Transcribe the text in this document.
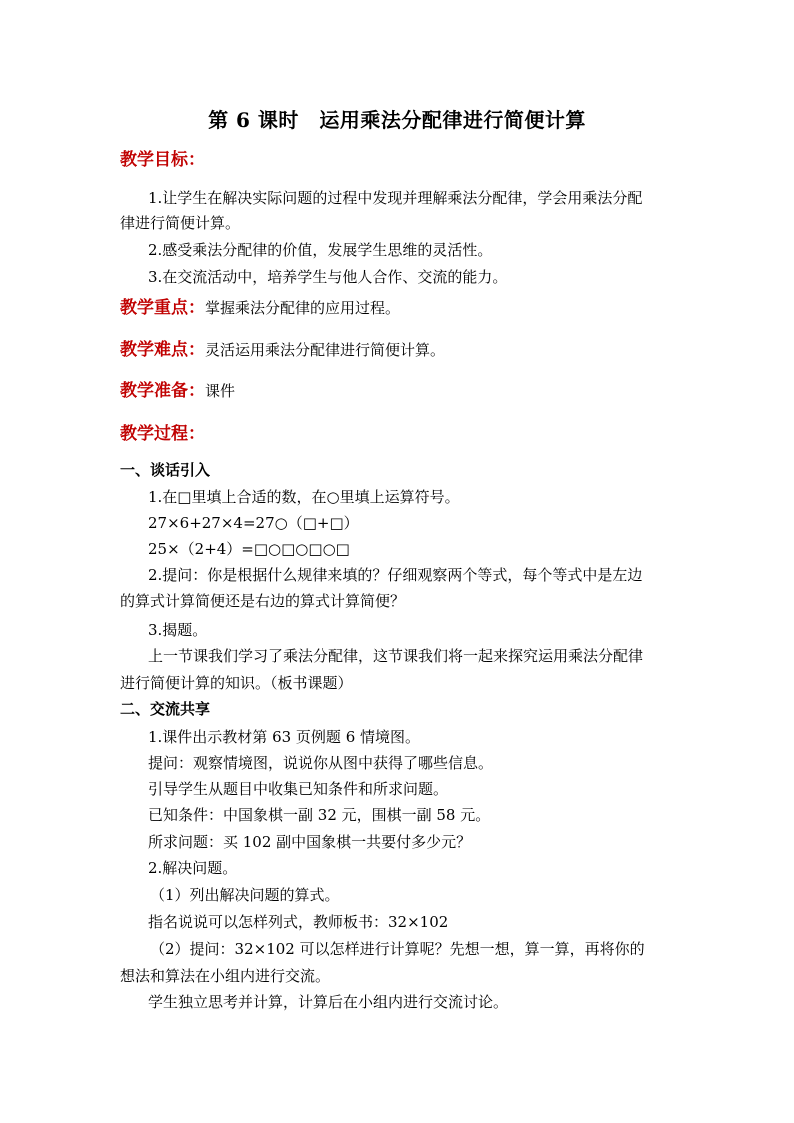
第 6 课时　运用乘法分配律进行简便计算
教学目标：
1.让学生在解决实际问题的过程中发现并理解乘法分配律，学会用乘法分配
律进行简便计算。
2.感受乘法分配律的价值，发展学生思维的灵活性。
3.在交流活动中，培养学生与他人合作、交流的能力。
教学重点：掌握乘法分配律的应用过程。
教学难点：灵活运用乘法分配律进行简便计算。
教学准备：课件
教学过程：
一、谈话引入
1.在□里填上合适的数，在○里填上运算符号。
27×6+27×4=27○（□+□）
25×（2+4）=□○□○□○□
2.提问：你是根据什么规律来填的？仔细观察两个等式，每个等式中是左边
的算式计算简便还是右边的算式计算简便？
3.揭题。
上一节课我们学习了乘法分配律，这节课我们将一起来探究运用乘法分配律
进行简便计算的知识。（板书课题）
二、交流共享
1.课件出示教材第 63 页例题 6 情境图。
提问：观察情境图，说说你从图中获得了哪些信息。
引导学生从题目中收集已知条件和所求问题。
已知条件：中国象棋一副 32 元，围棋一副 58 元。
所求问题：买 102 副中国象棋一共要付多少元？
2.解决问题。
（1）列出解决问题的算式。
指名说说可以怎样列式，教师板书：32×102
（2）提问：32×102 可以怎样进行计算呢？先想一想，算一算，再将你的
想法和算法在小组内进行交流。
学生独立思考并计算，计算后在小组内进行交流讨论。
